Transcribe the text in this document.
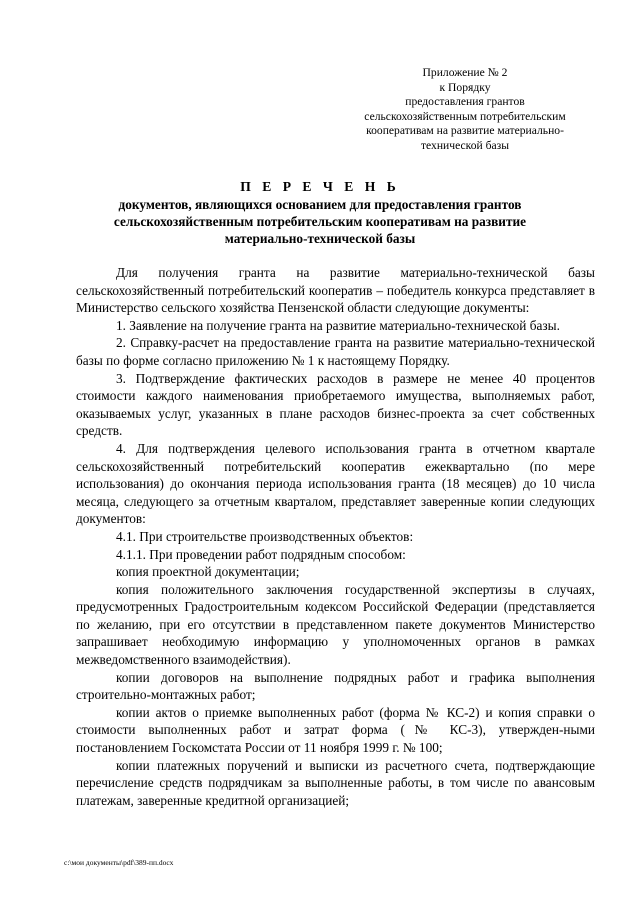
Приложение № 2
к Порядку
предоставления грантов
сельскохозяйственным потребительским
кооперативам на развитие материально-
технической базы
П Е Р Е Ч Е Н Ь
документов, являющихся основанием для предоставления грантов
сельскохозяйственным потребительским кооперативам на развитие
материально-технической базы

Для получения гранта на развитие материально-технической базы сельскохозяйственный потребительский кооператив – победитель конкурса представляет в Министерство сельского хозяйства Пензенской области следующие документы:

1. Заявление на получение гранта на развитие материально-технической базы.

2. Справку-расчет на предоставление гранта на развитие материально-технической базы по форме согласно приложению № 1 к настоящему Порядку.

3. Подтверждение фактических расходов в размере не менее 40 процентов стоимости каждого наименования приобретаемого имущества, выполняемых работ, оказываемых услуг, указанных в плане расходов бизнес-проекта за счет собственных средств.

4. Для подтверждения целевого использования гранта в отчетном квартале сельскохозяйственный потребительский кооператив ежеквартально (по мере использования) до окончания периода использования гранта (18 месяцев) до 10 числа месяца, следующего за отчетным кварталом, представляет заверенные копии следующих документов:

4.1. При строительстве производственных объектов:

4.1.1. При проведении работ подрядным способом:

копия проектной документации;

копия положительного заключения государственной экспертизы в случаях, предусмотренных Градостроительным кодексом Российской Федерации (представляется по желанию, при его отсутствии в представленном пакете документов Министерство запрашивает необходимую информацию у уполномоченных органов в рамках межведомственного взаимодействия).

копии договоров на выполнение подрядных работ и графика выполнения строительно-монтажных работ;

копии актов о приемке выполненных работ (форма № КС-2) и копия справки о стоимости выполненных работ и затрат форма (№ КС-3), утвержден-ными постановлением Госкомстата России от 11 ноября 1999 г. № 100;

копии платежных поручений и выписки из расчетного счета, подтверждающие перечисление средств подрядчикам за выполненные работы, в том числе по авансовым платежам, заверенные кредитной организацией;

c:\мои документы\pdf\389-пп.docx
